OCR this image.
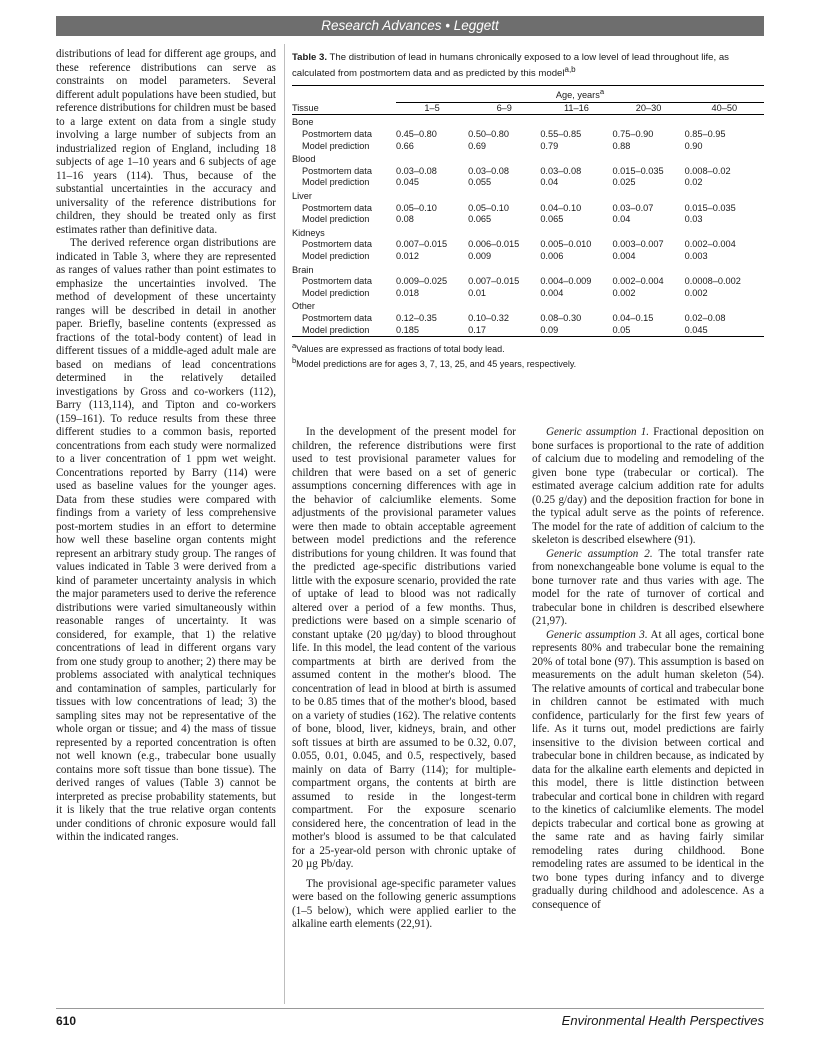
Research Advances • Leggett

distributions of lead for different age groups, and these reference distributions can serve as constraints on model parameters. Several different adult populations have been studied, but reference distributions for children must be based to a large extent on data from a single study involving a large number of subjects from an industrialized region of England, including 18 subjects of age 1–10 years and 6 subjects of age 11–16 years (114). Thus, because of the substantial uncertainties in the accuracy and universality of the reference distributions for children, they should be treated only as first estimates rather than definitive data.

The derived reference organ distributions are indicated in Table 3, where they are represented as ranges of values rather than point estimates to emphasize the uncertainties involved. The method of development of these uncertainty ranges will be described in detail in another paper. Briefly, baseline contents (expressed as fractions of the total-body content) of lead in different tissues of a middle-aged adult male are based on medians of lead concentrations determined in the relatively detailed investigations by Gross and co-workers (112), Barry (113,114), and Tipton and co-workers (159–161). To reduce results from these three different studies to a common basis, reported concentrations from each study were normalized to a liver concentration of 1 ppm wet weight. Concentrations reported by Barry (114) were used as baseline values for the younger ages. Data from these studies were compared with findings from a variety of less comprehensive post-mortem studies in an effort to determine how well these baseline organ contents might represent an arbitrary study group. The ranges of values indicated in Table 3 were derived from a kind of parameter uncertainty analysis in which the major parameters used to derive the reference distributions were varied simultaneously within reasonable ranges of uncertainty. It was considered, for example, that 1) the relative concentrations of lead in different organs vary from one study group to another; 2) there may be problems associated with analytical techniques and contamination of samples, particularly for tissues with low concentrations of lead; 3) the sampling sites may not be representative of the whole organ or tissue; and 4) the mass of tissue represented by a reported concentration is often not well known (e.g., trabecular bone usually contains more soft tissue than bone tissue). The derived ranges of values (Table 3) cannot be interpreted as precise probability statements, but it is likely that the true relative organ contents under conditions of chronic exposure would fall within the indicated ranges.

Table 3. The distribution of lead in humans chronically exposed to a low level of lead throughout life, as calculated from postmortem data and as predicted by this model$^{a,b}$
	Age, years$^a$
Tissue	1–5	6–9	11–16	20–30	40–50
Bone					
Postmortem data	0.45–0.80	0.50–0.80	0.55–0.85	0.75–0.90	0.85–0.95
Model prediction	0.66	0.69	0.79	0.88	0.90
Blood					
Postmortem data	0.03–0.08	0.03–0.08	0.03–0.08	0.015–0.035	0.008–0.02
Model prediction	0.045	0.055	0.04	0.025	0.02
Liver					
Postmortem data	0.05–0.10	0.05–0.10	0.04–0.10	0.03–0.07	0.015–0.035
Model prediction	0.08	0.065	0.065	0.04	0.03
Kidneys					
Postmortem data	0.007–0.015	0.006–0.015	0.005–0.010	0.003–0.007	0.002–0.004
Model prediction	0.012	0.009	0.006	0.004	0.003
Brain					
Postmortem data	0.009–0.025	0.007–0.015	0.004–0.009	0.002–0.004	0.0008–0.002
Model prediction	0.018	0.01	0.004	0.002	0.002
Other					
Postmortem data	0.12–0.35	0.10–0.32	0.08–0.30	0.04–0.15	0.02–0.08
Model prediction	0.185	0.17	0.09	0.05	0.045
$^a$Values are expressed as fractions of total body lead.
$^b$Model predictions are for ages 3, 7, 13, 25, and 45 years, respectively.

In the development of the present model for children, the reference distributions were first used to test provisional parameter values for children that were based on a set of generic assumptions concerning differences with age in the behavior of calciumlike elements. Some adjustments of the provisional parameter values were then made to obtain acceptable agreement between model predictions and the reference distributions for young children. It was found that the predicted age-specific distributions varied little with the exposure scenario, provided the rate of uptake of lead to blood was not radically altered over a period of a few months. Thus, predictions were based on a simple scenario of constant uptake (20 µg/day) to blood throughout life. In this model, the lead content of the various compartments at birth are derived from the assumed content in the mother's blood. The concentration of lead in blood at birth is assumed to be 0.85 times that of the mother's blood, based on a variety of studies (162). The relative contents of bone, blood, liver, kidneys, brain, and other soft tissues at birth are assumed to be 0.32, 0.07, 0.055, 0.01, 0.045, and 0.5, respectively, based mainly on data of Barry (114); for multiple-compartment organs, the contents at birth are assumed to reside in the longest-term compartment. For the exposure scenario considered here, the concentration of lead in the mother's blood is assumed to be that calculated for a 25-year-old person with chronic uptake of 20 µg Pb/day.

The provisional age-specific parameter values were based on the following generic assumptions (1–5 below), which were applied earlier to the alkaline earth elements (22,91).

Generic assumption 1. Fractional deposition on bone surfaces is proportional to the rate of addition of calcium due to modeling and remodeling of the given bone type (trabecular or cortical). The estimated average calcium addition rate for adults (0.25 g/day) and the deposition fraction for bone in the typical adult serve as the points of reference. The model for the rate of addition of calcium to the skeleton is described elsewhere (91).

Generic assumption 2. The total transfer rate from nonexchangeable bone volume is equal to the bone turnover rate and thus varies with age. The model for the rate of turnover of cortical and trabecular bone in children is described elsewhere (21,97).

Generic assumption 3. At all ages, cortical bone represents 80% and trabecular bone the remaining 20% of total bone (97). This assumption is based on measurements on the adult human skeleton (54). The relative amounts of cortical and trabecular bone in children cannot be estimated with much confidence, particularly for the first few years of life. As it turns out, model predictions are fairly insensitive to the division between cortical and trabecular bone in children because, as indicated by data for the alkaline earth elements and depicted in this model, there is little distinction between trabecular and cortical bone in children with regard to the kinetics of calciumlike elements. The model depicts trabecular and cortical bone as growing at the same rate and as having fairly similar remodeling rates during childhood. Bone remodeling rates are assumed to be identical in the two bone types during infancy and to diverge gradually during childhood and adolescence. As a consequence of

610	Environmental Health Perspectives
